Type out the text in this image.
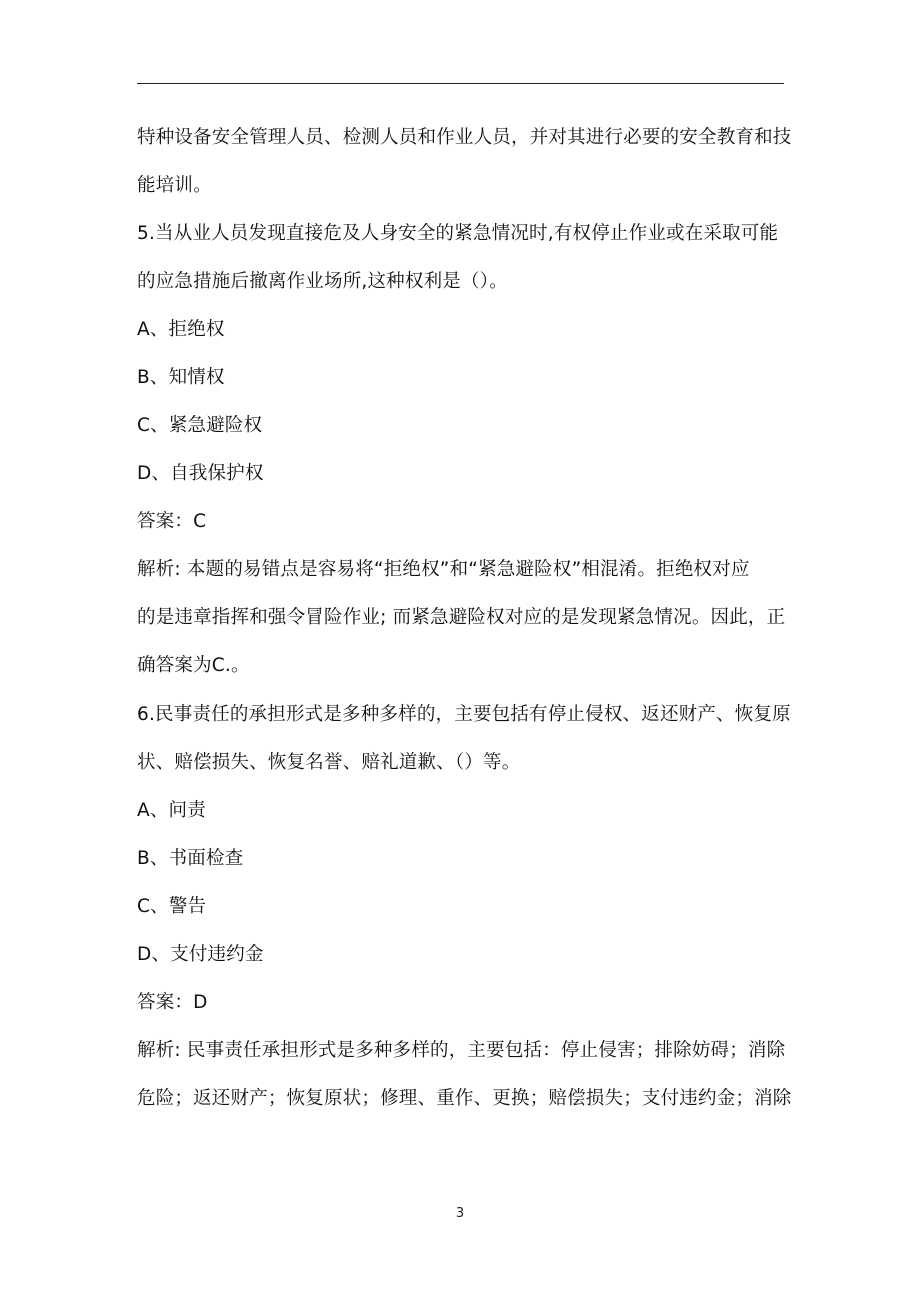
特种设备安全管理人员、检测人员和作业人员，并对其进行必要的安全教育和技
能培训。
5.当从业人员发现直接危及人身安全的紧急情况时,有权停止作业或在采取可能
的应急措施后撤离作业场所,这种权利是（）。
A、拒绝权
B、知情权
C、紧急避险权
D、自我保护权
答案：C
解析: 本题的易错点是容易将“拒绝权”和“紧急避险权”相混淆。拒绝权对应
的是违章指挥和强令冒险作业; 而紧急避险权对应的是发现紧急情况。因此，正
确答案为C.。
6.民事责任的承担形式是多种多样的，主要包括有停止侵权、返还财产、恢复原
状、赔偿损失、恢复名誉、赔礼道歉、（）等。
A、问责
B、书面检查
C、警告
D、支付违约金
答案：D
解析: 民事责任承担形式是多种多样的，主要包括：停止侵害；排除妨碍；消除
危险；返还财产；恢复原状；修理、重作、更换；赔偿损失；支付违约金；消除
3
